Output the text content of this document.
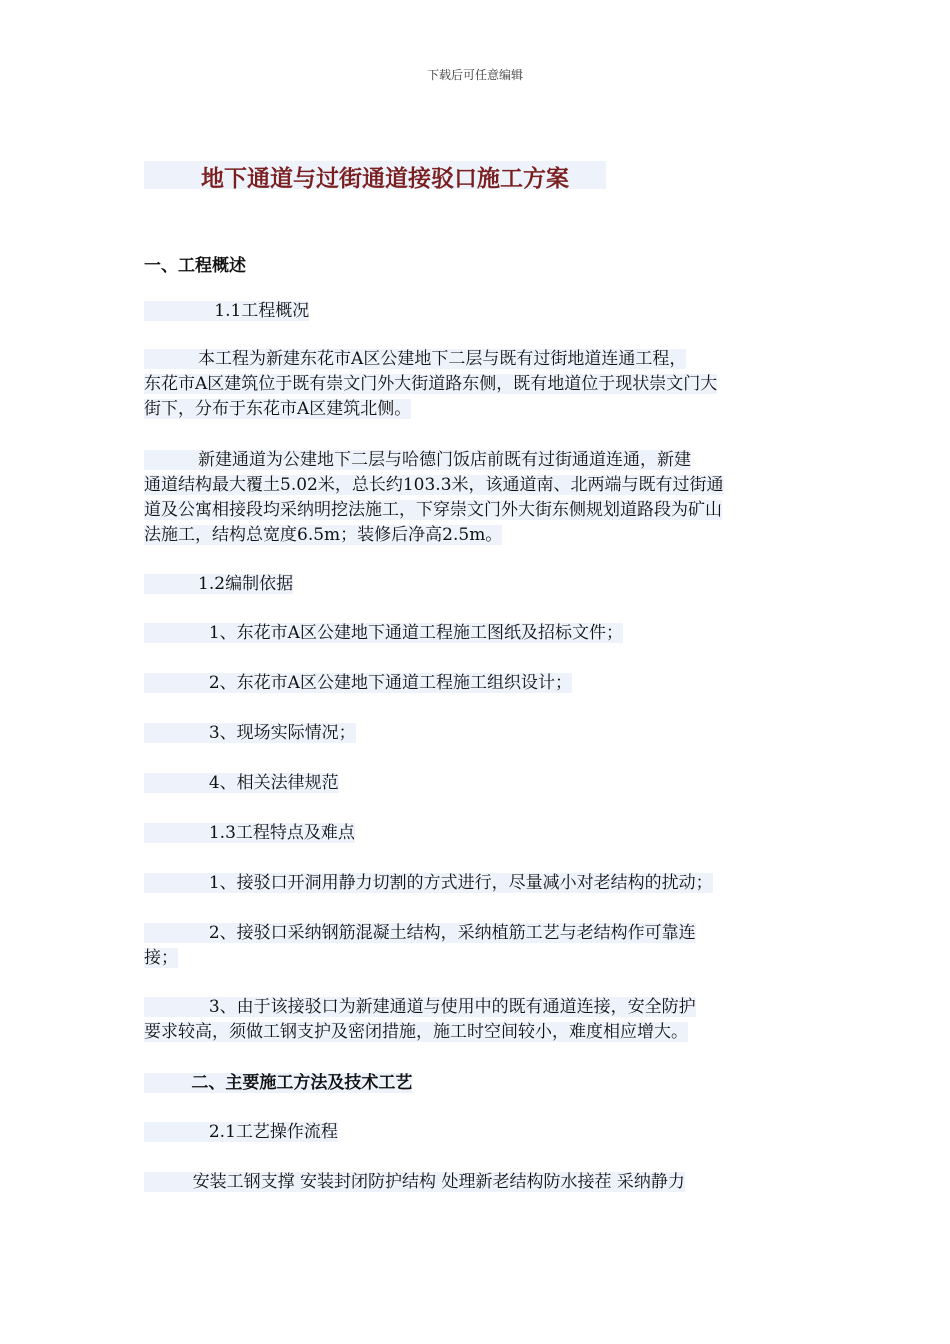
下载后可任意编辑
地下通道与过街通道接驳口施工方案
一、工程概述
1.1工程概况
本工程为新建东花市A区公建地下二层与既有过街地道连通工程，
东花市A区建筑位于既有崇文门外大街道路东侧，既有地道位于现状崇文门大
街下，分布于东花市A区建筑北侧。
新建通道为公建地下二层与哈德门饭店前既有过街通道连通，新建
通道结构最大覆土5.02米，总长约103.3米，该通道南、北两端与既有过街通
道及公寓相接段均采纳明挖法施工，下穿崇文门外大街东侧规划道路段为矿山
法施工，结构总宽度6.5m；装修后净高2.5m。
1.2编制依据
1、东花市A区公建地下通道工程施工图纸及招标文件；
2、东花市A区公建地下通道工程施工组织设计；
3、现场实际情况；
4、相关法律规范
1.3工程特点及难点
1、接驳口开洞用静力切割的方式进行，尽量减小对老结构的扰动；
2、接驳口采纳钢筋混凝土结构，采纳植筋工艺与老结构作可靠连
接；
3、由于该接驳口为新建通道与使用中的既有通道连接，安全防护
要求较高，须做工钢支护及密闭措施，施工时空间较小，难度相应增大。
二、主要施工方法及技术工艺
2.1工艺操作流程
安装工钢支撑 安装封闭防护结构 处理新老结构防水接茬 采纳静力
